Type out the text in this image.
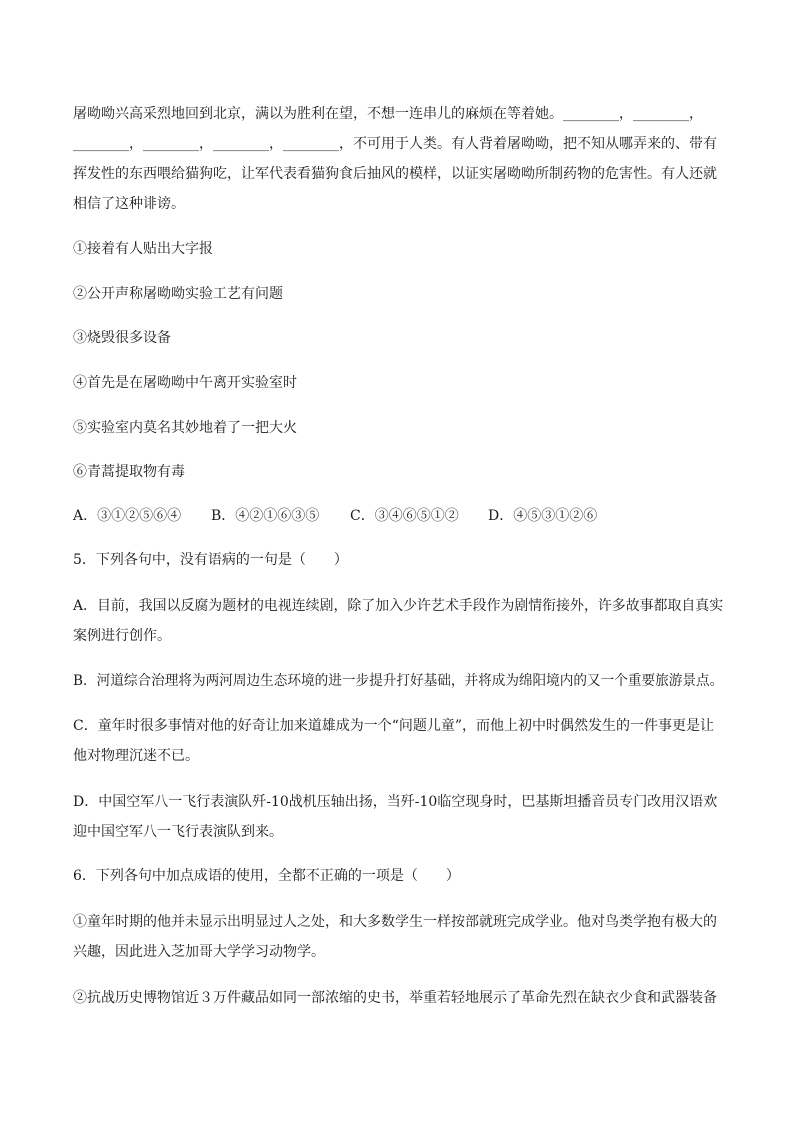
屠呦呦兴高采烈地回到北京，满以为胜利在望，不想一连串儿的麻烦在等着她。________，________，
________，________，________，________，不可用于人类。有人背着屠呦呦，把不知从哪弄来的、带有
挥发性的东西喂给猫狗吃，让军代表看猫狗食后抽风的模样，以证实屠呦呦所制药物的危害性。有人还就
相信了这种诽谤。
①接着有人贴出大字报
②公开声称屠呦呦实验工艺有问题
③烧毁很多设备
④首先是在屠呦呦中午离开实验室时
⑤实验室内莫名其妙地着了一把大火
⑥青蒿提取物有毒
A．③①②⑤⑥④ B．④②①⑥③⑤ C．③④⑥⑤①② D．④⑤③①②⑥
5．下列各句中，没有语病的一句是（　　）
A．目前，我国以反腐为题材的电视连续剧，除了加入少许艺术手段作为剧情衔接外，许多故事都取自真实
案例进行创作。
B．河道综合治理将为两河周边生态环境的进一步提升打好基础，并将成为绵阳境内的又一个重要旅游景点。
C．童年时很多事情对他的好奇让加来道雄成为一个“问题儿童”，而他上初中时偶然发生的一件事更是让
他对物理沉迷不已。
D．中国空军八一飞行表演队歼-10战机压轴出扬，当歼-10临空现身时，巴基斯坦播音员专门改用汉语欢
迎中国空军八一飞行表演队到来。
6．下列各句中加点成语的使用，全都不正确的一项是（　　）
①童年时期的他并未显示出明显过人之处，和大多数学生一样按部就班完成学业。他对鸟类学抱有极大的
兴趣，因此进入芝加哥大学学习动物学。
②抗战历史博物馆近３万件藏品如同一部浓缩的史书，举重若轻地展示了革命先烈在缺衣少食和武器装备
